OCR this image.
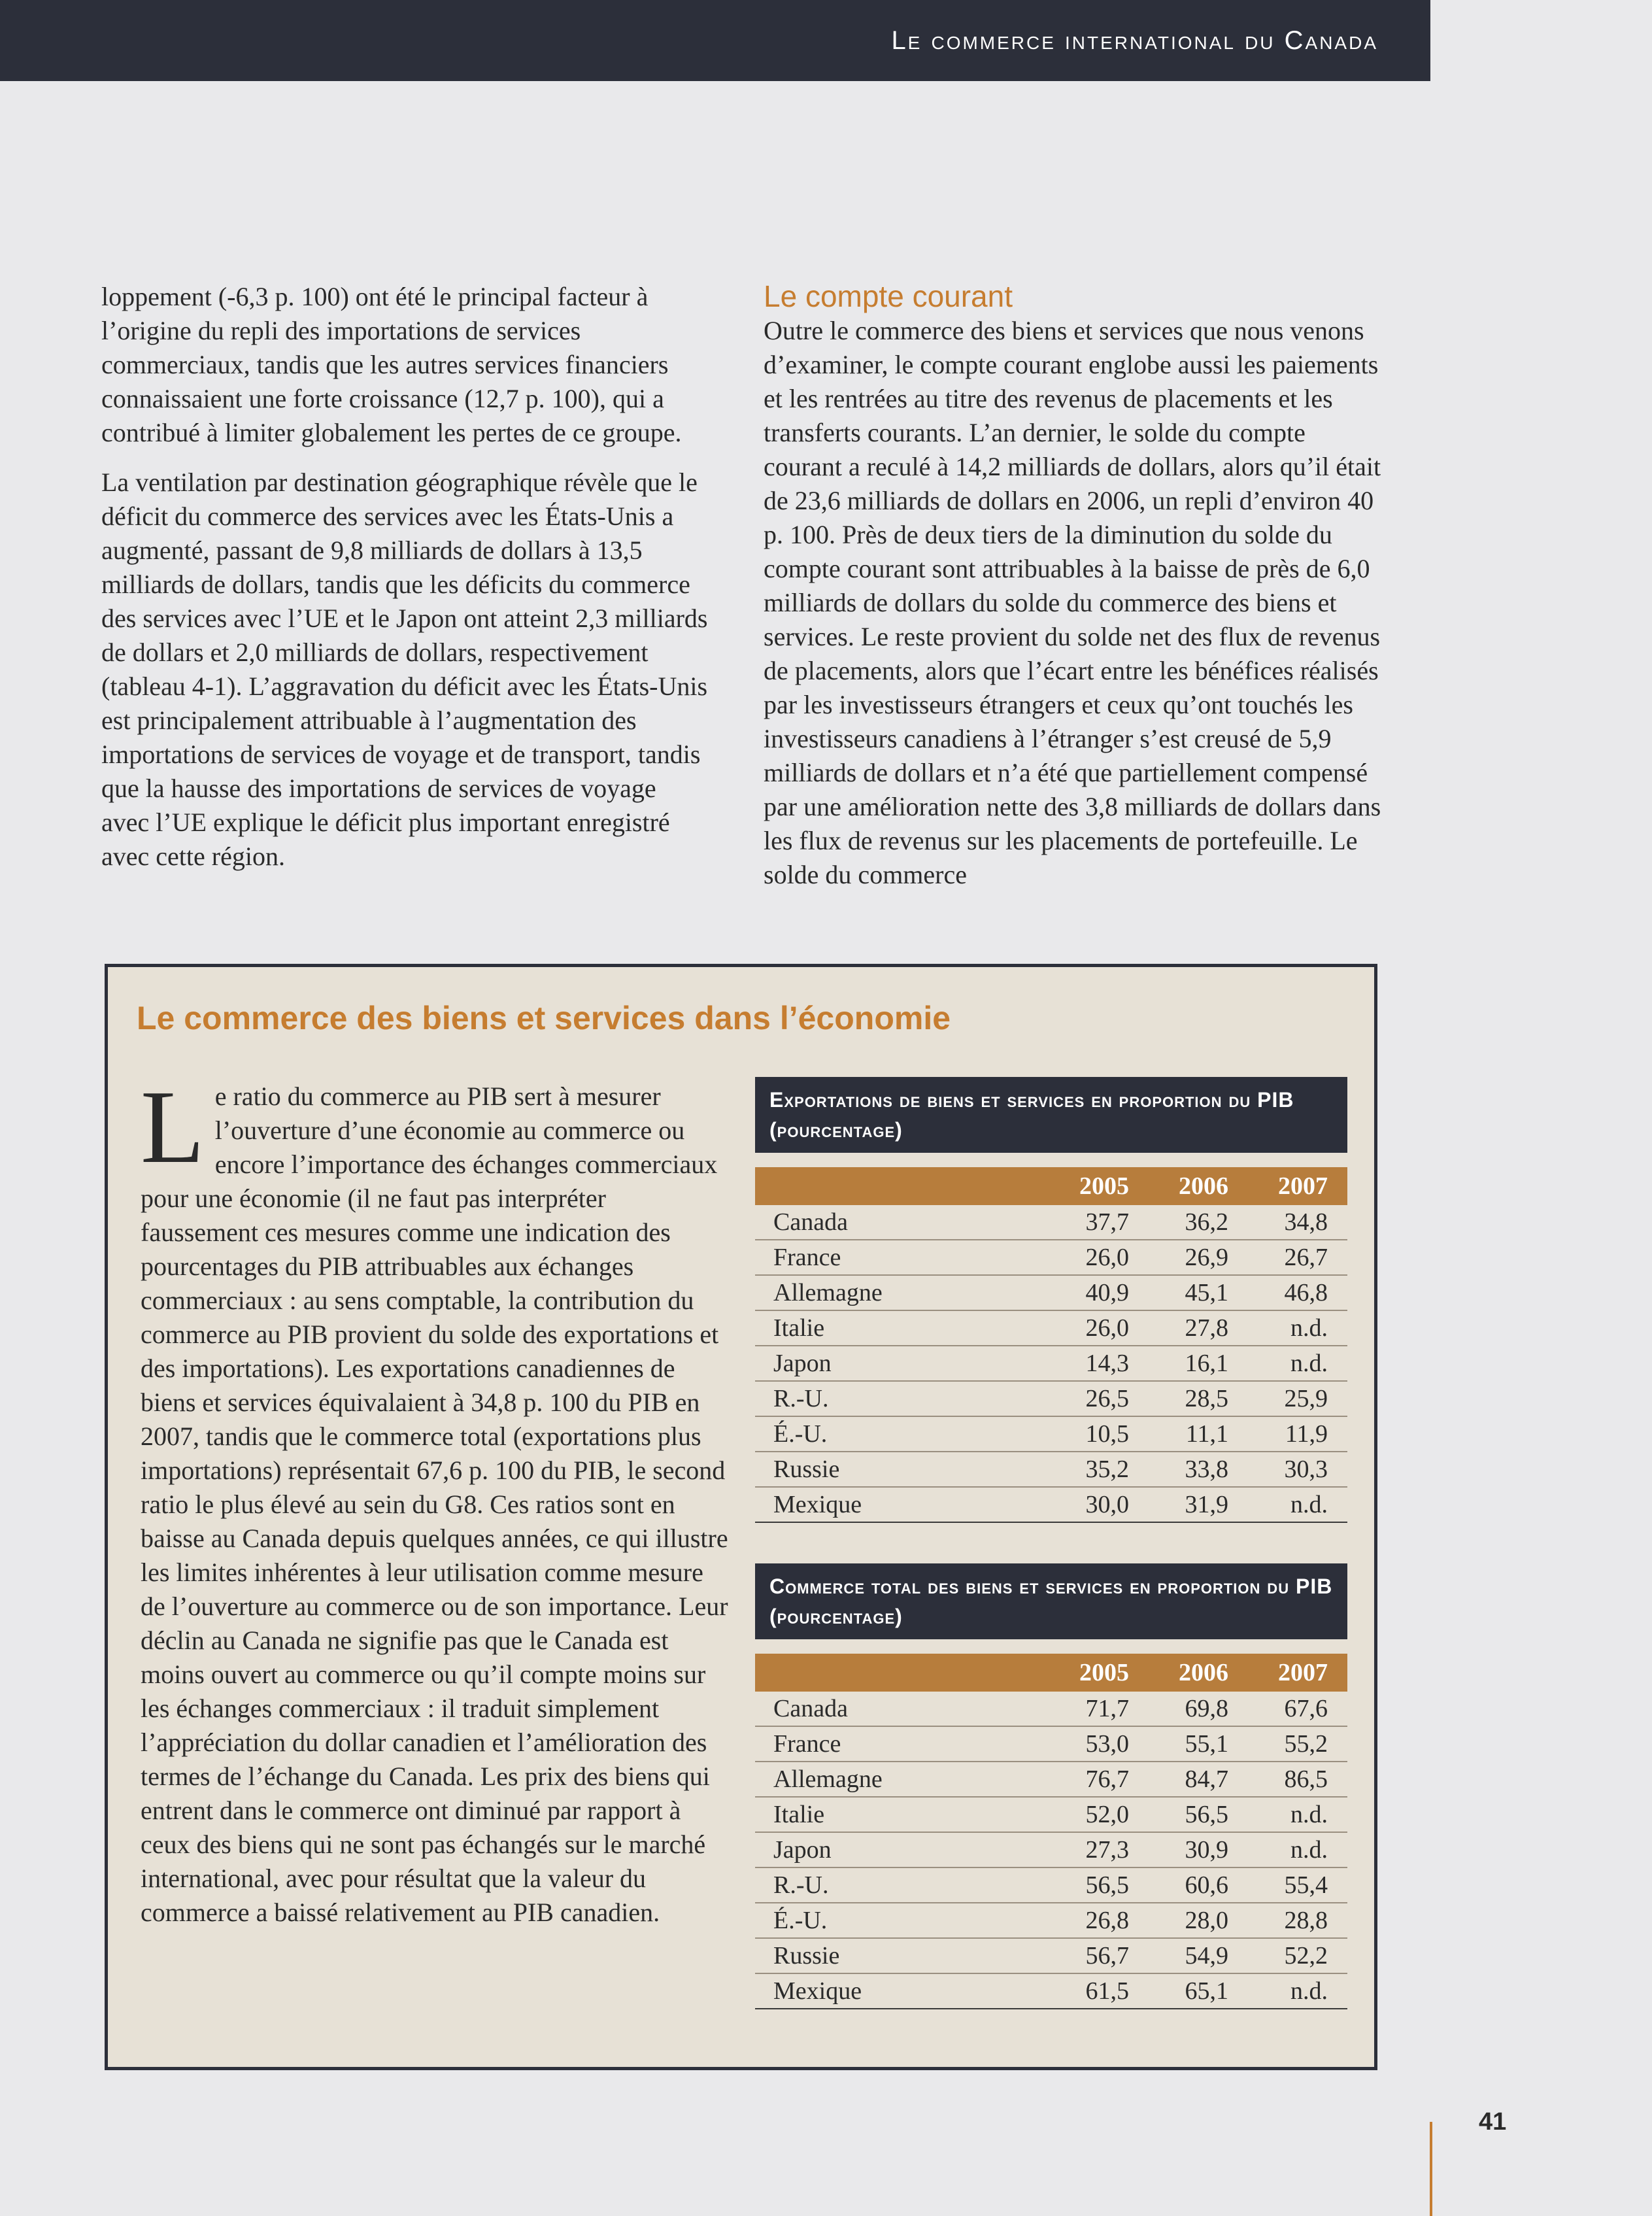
Le commerce international du Canada

loppement (-6,3 p. 100) ont été le principal facteur à l’origine du repli des importations de services commerciaux, tandis que les autres services financiers connaissaient une forte croissance (12,7 p. 100), qui a contribué à limiter globalement les pertes de ce groupe.

La ventilation par destination géographique révèle que le déficit du commerce des services avec les États-Unis a augmenté, passant de 9,8 milliards de dollars à 13,5 milliards de dollars, tandis que les déficits du commerce des services avec l’UE et le Japon ont atteint 2,3 milliards de dollars et 2,0 milliards de dollars, respectivement (tableau 4-1). L’aggravation du déficit avec les États-Unis est principalement attribuable à l’augmentation des importations de services de voyage et de transport, tandis que la hausse des importations de services de voyage avec l’UE explique le déficit plus important enregistré avec cette région.

Le compte courant

Outre le commerce des biens et services que nous venons d’examiner, le compte courant englobe aussi les paiements et les rentrées au titre des revenus de placements et les transferts courants. L’an dernier, le solde du compte courant a reculé à 14,2 milliards de dollars, alors qu’il était de 23,6 milliards de dollars en 2006, un repli d’environ 40 p. 100. Près de deux tiers de la diminution du solde du compte courant sont attribuables à la baisse de près de 6,0 milliards de dollars du solde du commerce des biens et services. Le reste provient du solde net des flux de revenus de placements, alors que l’écart entre les bénéfices réalisés par les investisseurs étrangers et ceux qu’ont touchés les investisseurs canadiens à l’étranger s’est creusé de 5,9 milliards de dollars et n’a été que partiellement compensé par une amélioration nette des 3,8 milliards de dollars dans les flux de revenus sur les placements de portefeuille. Le solde du commerce

Le commerce des biens et services dans l’économie
Le ratio du commerce au PIB sert à mesurer l’ouverture d’une économie au commerce ou encore l’importance des échanges commerciaux pour une économie (il ne faut pas interpréter faussement ces mesures comme une indication des pourcentages du PIB attribuables aux échanges commerciaux : au sens comptable, la contribution du commerce au PIB provient du solde des exportations et des importations). Les exportations canadiennes de biens et services équivalaient à 34,8 p. 100 du PIB en 2007, tandis que le commerce total (exportations plus importations) représentait 67,6 p. 100 du PIB, le second ratio le plus élevé au sein du G8. Ces ratios sont en baisse au Canada depuis quelques années, ce qui illustre les limites inhérentes à leur utilisation comme mesure de l’ouverture au commerce ou de son importance. Leur déclin au Canada ne signifie pas que le Canada est moins ouvert au commerce ou qu’il compte moins sur les échanges commerciaux : il traduit simplement l’appréciation du dollar canadien et l’amélioration des termes de l’échange du Canada. Les prix des biens qui entrent dans le commerce ont diminué par rapport à ceux des biens qui ne sont pas échangés sur le marché international, avec pour résultat que la valeur du commerce a baissé relativement au PIB canadien.
Exportations de biens et services en proportion du PIB (pourcentage)
2005	2006	2007
Canada	37,7	36,2	34,8
France	26,0	26,9	26,7
Allemagne	40,9	45,1	46,8
Italie	26,0	27,8	n.d.
Japon	14,3	16,1	n.d.
R.-U.	26,5	28,5	25,9
É.-U.	10,5	11,1	11,9
Russie	35,2	33,8	30,3
Mexique	30,0	31,9	n.d.
Commerce total des biens et services en proportion du PIB (pourcentage)
2005	2006	2007
Canada	71,7	69,8	67,6
France	53,0	55,1	55,2
Allemagne	76,7	84,7	86,5
Italie	52,0	56,5	n.d.
Japon	27,3	30,9	n.d.
R.-U.	56,5	60,6	55,4
É.-U.	26,8	28,0	28,8
Russie	56,7	54,9	52,2
Mexique	61,5	65,1	n.d.
41
